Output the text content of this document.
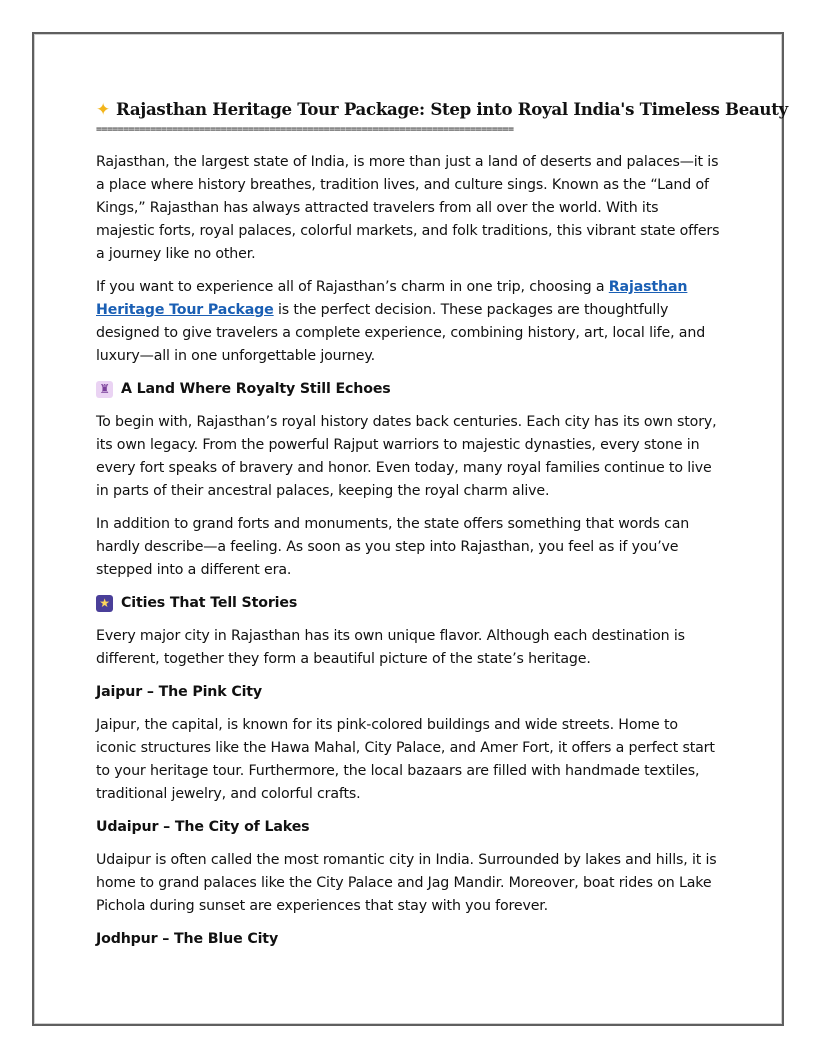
✦ Rajasthan Heritage Tour Package: Step into Royal India's Timeless Beauty
=============================================================================

Rajasthan, the largest state of India, is more than just a land of deserts and palaces—it is a place where history breathes, tradition lives, and culture sings. Known as the “Land of Kings,” Rajasthan has always attracted travelers from all over the world. With its majestic forts, royal palaces, colorful markets, and folk traditions, this vibrant state offers a journey like no other.

If you want to experience all of Rajasthan’s charm in one trip, choosing a Rajasthan Heritage Tour Package is the perfect decision. These packages are thoughtfully designed to give travelers a complete experience, combining history, art, local life, and luxury—all in one unforgettable journey.

♜ A Land Where Royalty Still Echoes

To begin with, Rajasthan’s royal history dates back centuries. Each city has its own story, its own legacy. From the powerful Rajput warriors to majestic dynasties, every stone in every fort speaks of bravery and honor. Even today, many royal families continue to live in parts of their ancestral palaces, keeping the royal charm alive.

In addition to grand forts and monuments, the state offers something that words can hardly describe—a feeling. As soon as you step into Rajasthan, you feel as if you’ve stepped into a different era.

★ Cities That Tell Stories

Every major city in Rajasthan has its own unique flavor. Although each destination is different, together they form a beautiful picture of the state’s heritage.

Jaipur – The Pink City

Jaipur, the capital, is known for its pink-colored buildings and wide streets. Home to iconic structures like the Hawa Mahal, City Palace, and Amer Fort, it offers a perfect start to your heritage tour. Furthermore, the local bazaars are filled with handmade textiles, traditional jewelry, and colorful crafts.

Udaipur – The City of Lakes

Udaipur is often called the most romantic city in India. Surrounded by lakes and hills, it is home to grand palaces like the City Palace and Jag Mandir. Moreover, boat rides on Lake Pichola during sunset are experiences that stay with you forever.

Jodhpur – The Blue City
